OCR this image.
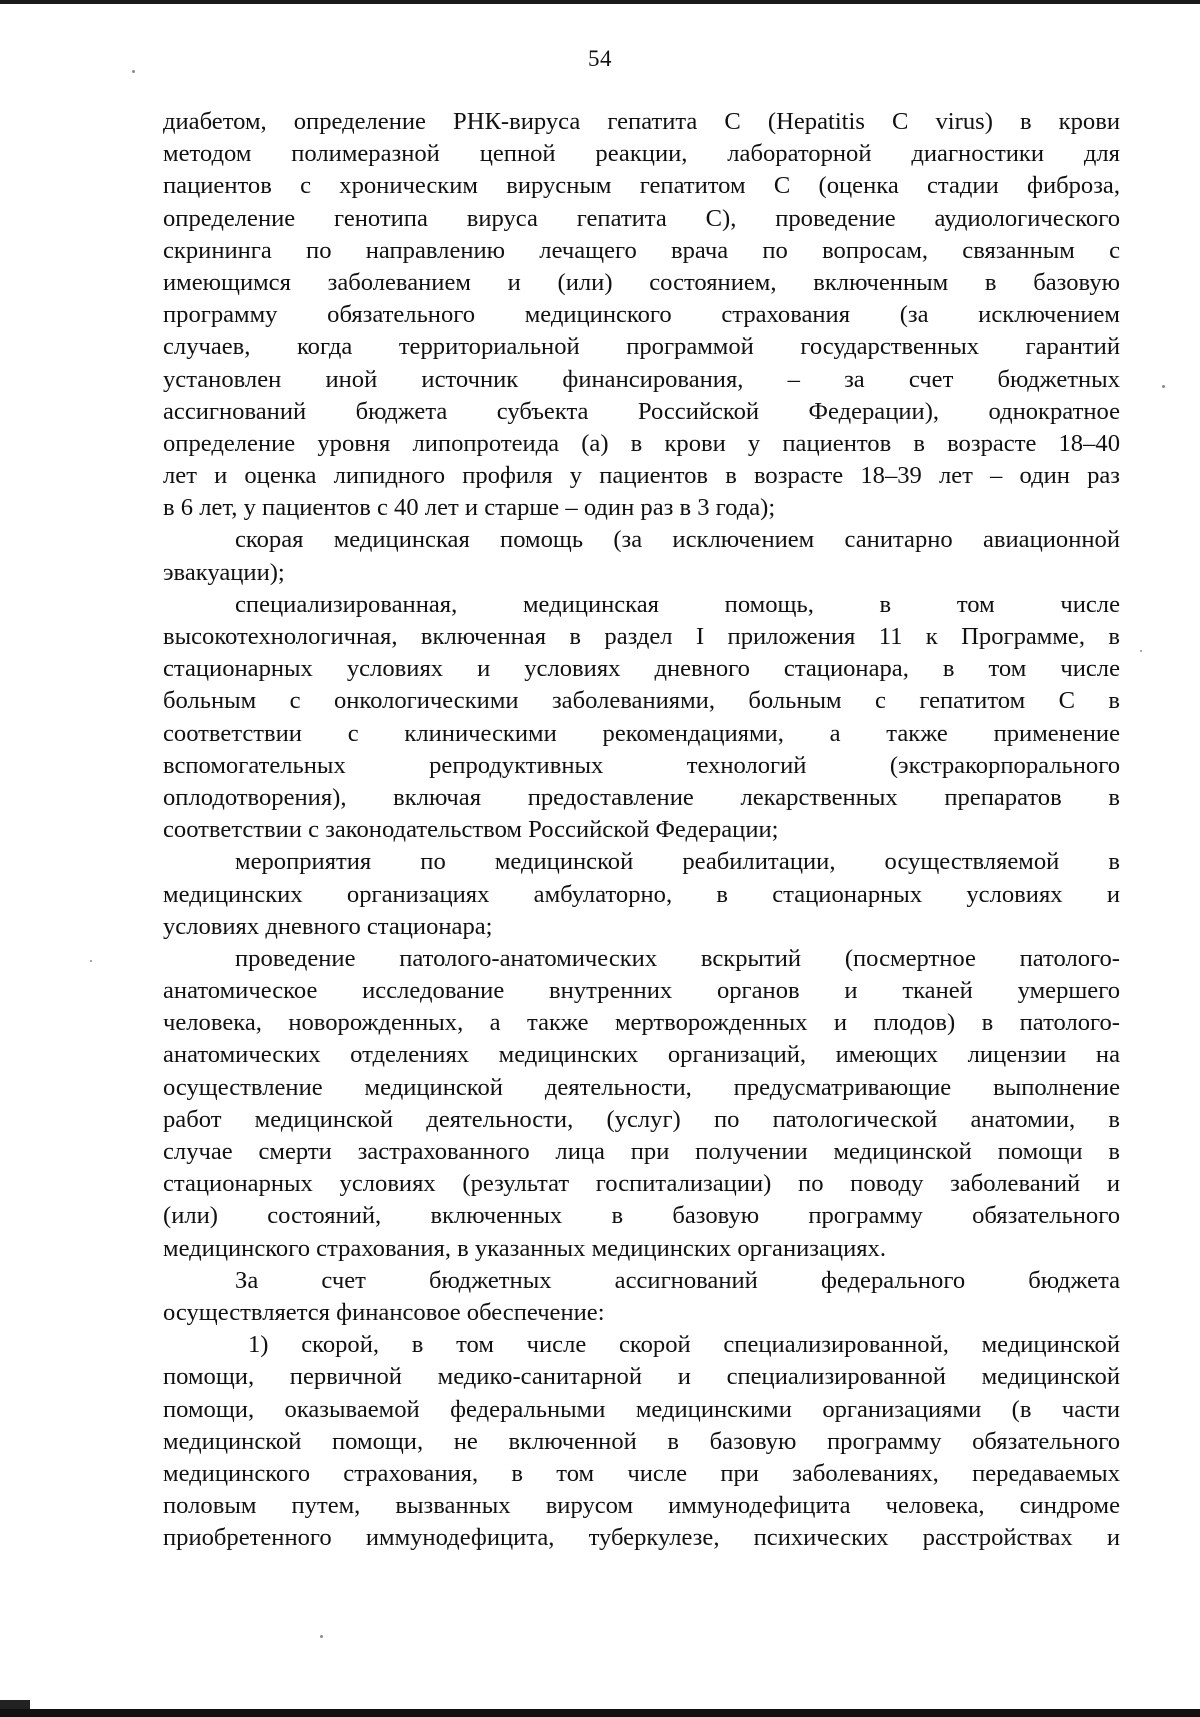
54
диабетом, определение РНК-вируса гепатита С (Hepatitis C virus) в крови
методом полимеразной цепной реакции, лабораторной диагностики для
пациентов с хроническим вирусным гепатитом С (оценка стадии фиброза,
определение генотипа вируса гепатита С), проведение аудиологического
скрининга по направлению лечащего врача по вопросам, связанным с
имеющимся заболеванием и (или) состоянием, включенным в базовую
программу обязательного медицинского страхования (за исключением
случаев, когда территориальной программой государственных гарантий
установлен иной источник финансирования, – за счет бюджетных
ассигнований бюджета субъекта Российской Федерации), однократное
определение уровня липопротеида (а) в крови у пациентов в возрасте 18–40
лет и оценка липидного профиля у пациентов в возрасте 18–39 лет – один раз
в 6 лет, у пациентов с 40 лет и старше – один раз в 3 года);
скорая медицинская помощь (за исключением санитарно авиационной
эвакуации);
специализированная, медицинская помощь, в том числе
высокотехнологичная, включенная в раздел I приложения 11 к Программе, в
стационарных условиях и условиях дневного стационара, в том числе
больным с онкологическими заболеваниями, больным с гепатитом С в
соответствии с клиническими рекомендациями, а также применение
вспомогательных репродуктивных технологий (экстракорпорального
оплодотворения), включая предоставление лекарственных препаратов в
соответствии с законодательством Российской Федерации;
мероприятия по медицинской реабилитации, осуществляемой в
медицинских организациях амбулаторно, в стационарных условиях и
условиях дневного стационара;
проведение патолого-анатомических вскрытий (посмертное патолого-
анатомическое исследование внутренних органов и тканей умершего
человека, новорожденных, а также мертворожденных и плодов) в патолого-
анатомических отделениях медицинских организаций, имеющих лицензии на
осуществление медицинской деятельности, предусматривающие выполнение
работ медицинской деятельности, (услуг) по патологической анатомии, в
случае смерти застрахованного лица при получении медицинской помощи в
стационарных условиях (результат госпитализации) по поводу заболеваний и
(или) состояний, включенных в базовую программу обязательного
медицинского страхования, в указанных медицинских организациях.
За счет бюджетных ассигнований федерального бюджета
осуществляется финансовое обеспечение:
1) скорой, в том числе скорой специализированной, медицинской
помощи, первичной медико-санитарной и специализированной медицинской
помощи, оказываемой федеральными медицинскими организациями (в части
медицинской помощи, не включенной в базовую программу обязательного
медицинского страхования, в том числе при заболеваниях, передаваемых
половым путем, вызванных вирусом иммунодефицита человека, синдроме
приобретенного иммунодефицита, туберкулезе, психических расстройствах и
